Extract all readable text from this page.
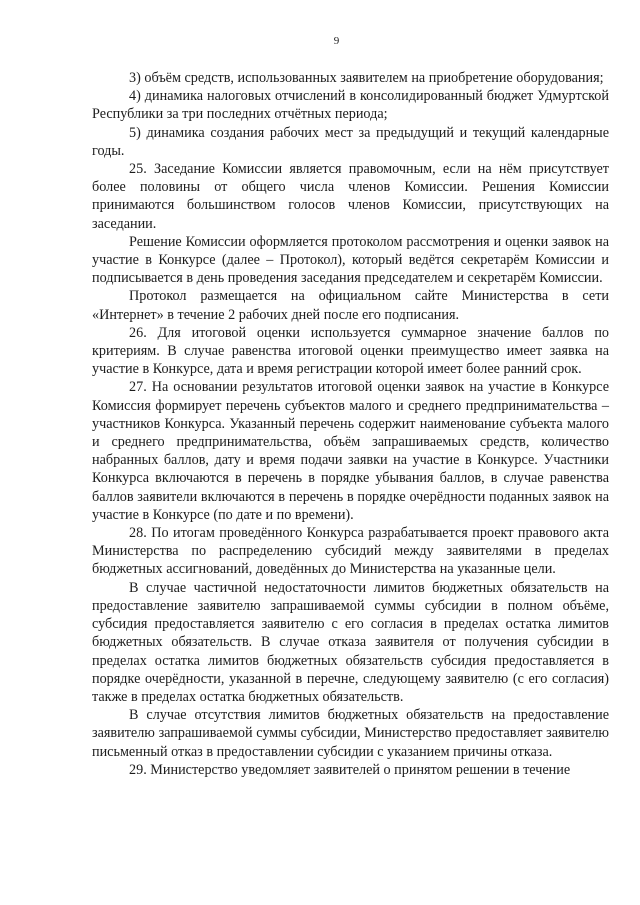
9

3) объём средств, использованных заявителем на приобретение оборудования;

4) динамика налоговых отчислений в консолидированный бюджет Удмуртской Республики за три последних отчётных периода;

5) динамика создания рабочих мест за предыдущий и текущий календарные годы.

25. Заседание Комиссии является правомочным, если на нём присутствует более половины от общего числа членов Комиссии. Решения Комиссии принимаются большинством голосов членов Комиссии, присутствующих на заседании.

Решение Комиссии оформляется протоколом рассмотрения и оценки заявок на участие в Конкурсе (далее – Протокол), который ведётся секретарём Комиссии и подписывается в день проведения заседания председателем и секретарём Комиссии.

Протокол размещается на официальном сайте Министерства в сети «Интернет» в течение 2 рабочих дней после его подписания.

26. Для итоговой оценки используется суммарное значение баллов по критериям. В случае равенства итоговой оценки преимущество имеет заявка на участие в Конкурсе, дата и время регистрации которой имеет более ранний срок.

27. На основании результатов итоговой оценки заявок на участие в Конкурсе Комиссия формирует перечень субъектов малого и среднего предпринимательства – участников Конкурса. Указанный перечень содержит наименование субъекта малого и среднего предпринимательства, объём запрашиваемых средств, количество набранных баллов, дату и время подачи заявки на участие в Конкурсе. Участники Конкурса включаются в перечень в порядке убывания баллов, в случае равенства баллов заявители включаются в перечень в порядке очерёдности поданных заявок на участие в Конкурсе (по дате и по времени).

28. По итогам проведённого Конкурса разрабатывается проект правового акта Министерства по распределению субсидий между заявителями в пределах бюджетных ассигнований, доведённых до Министерства на указанные цели.

В случае частичной недостаточности лимитов бюджетных обязательств на предоставление заявителю запрашиваемой суммы субсидии в полном объёме, субсидия предоставляется заявителю с его согласия в пределах остатка лимитов бюджетных обязательств. В случае отказа заявителя от получения субсидии в пределах остатка лимитов бюджетных обязательств субсидия предоставляется в порядке очерёдности, указанной в перечне, следующему заявителю (с его согласия) также в пределах остатка бюджетных обязательств.

В случае отсутствия лимитов бюджетных обязательств на предоставление заявителю запрашиваемой суммы субсидии, Министерство предоставляет заявителю письменный отказ в предоставлении субсидии с указанием причины отказа.

29. Министерство уведомляет заявителей о принятом решении в течение
